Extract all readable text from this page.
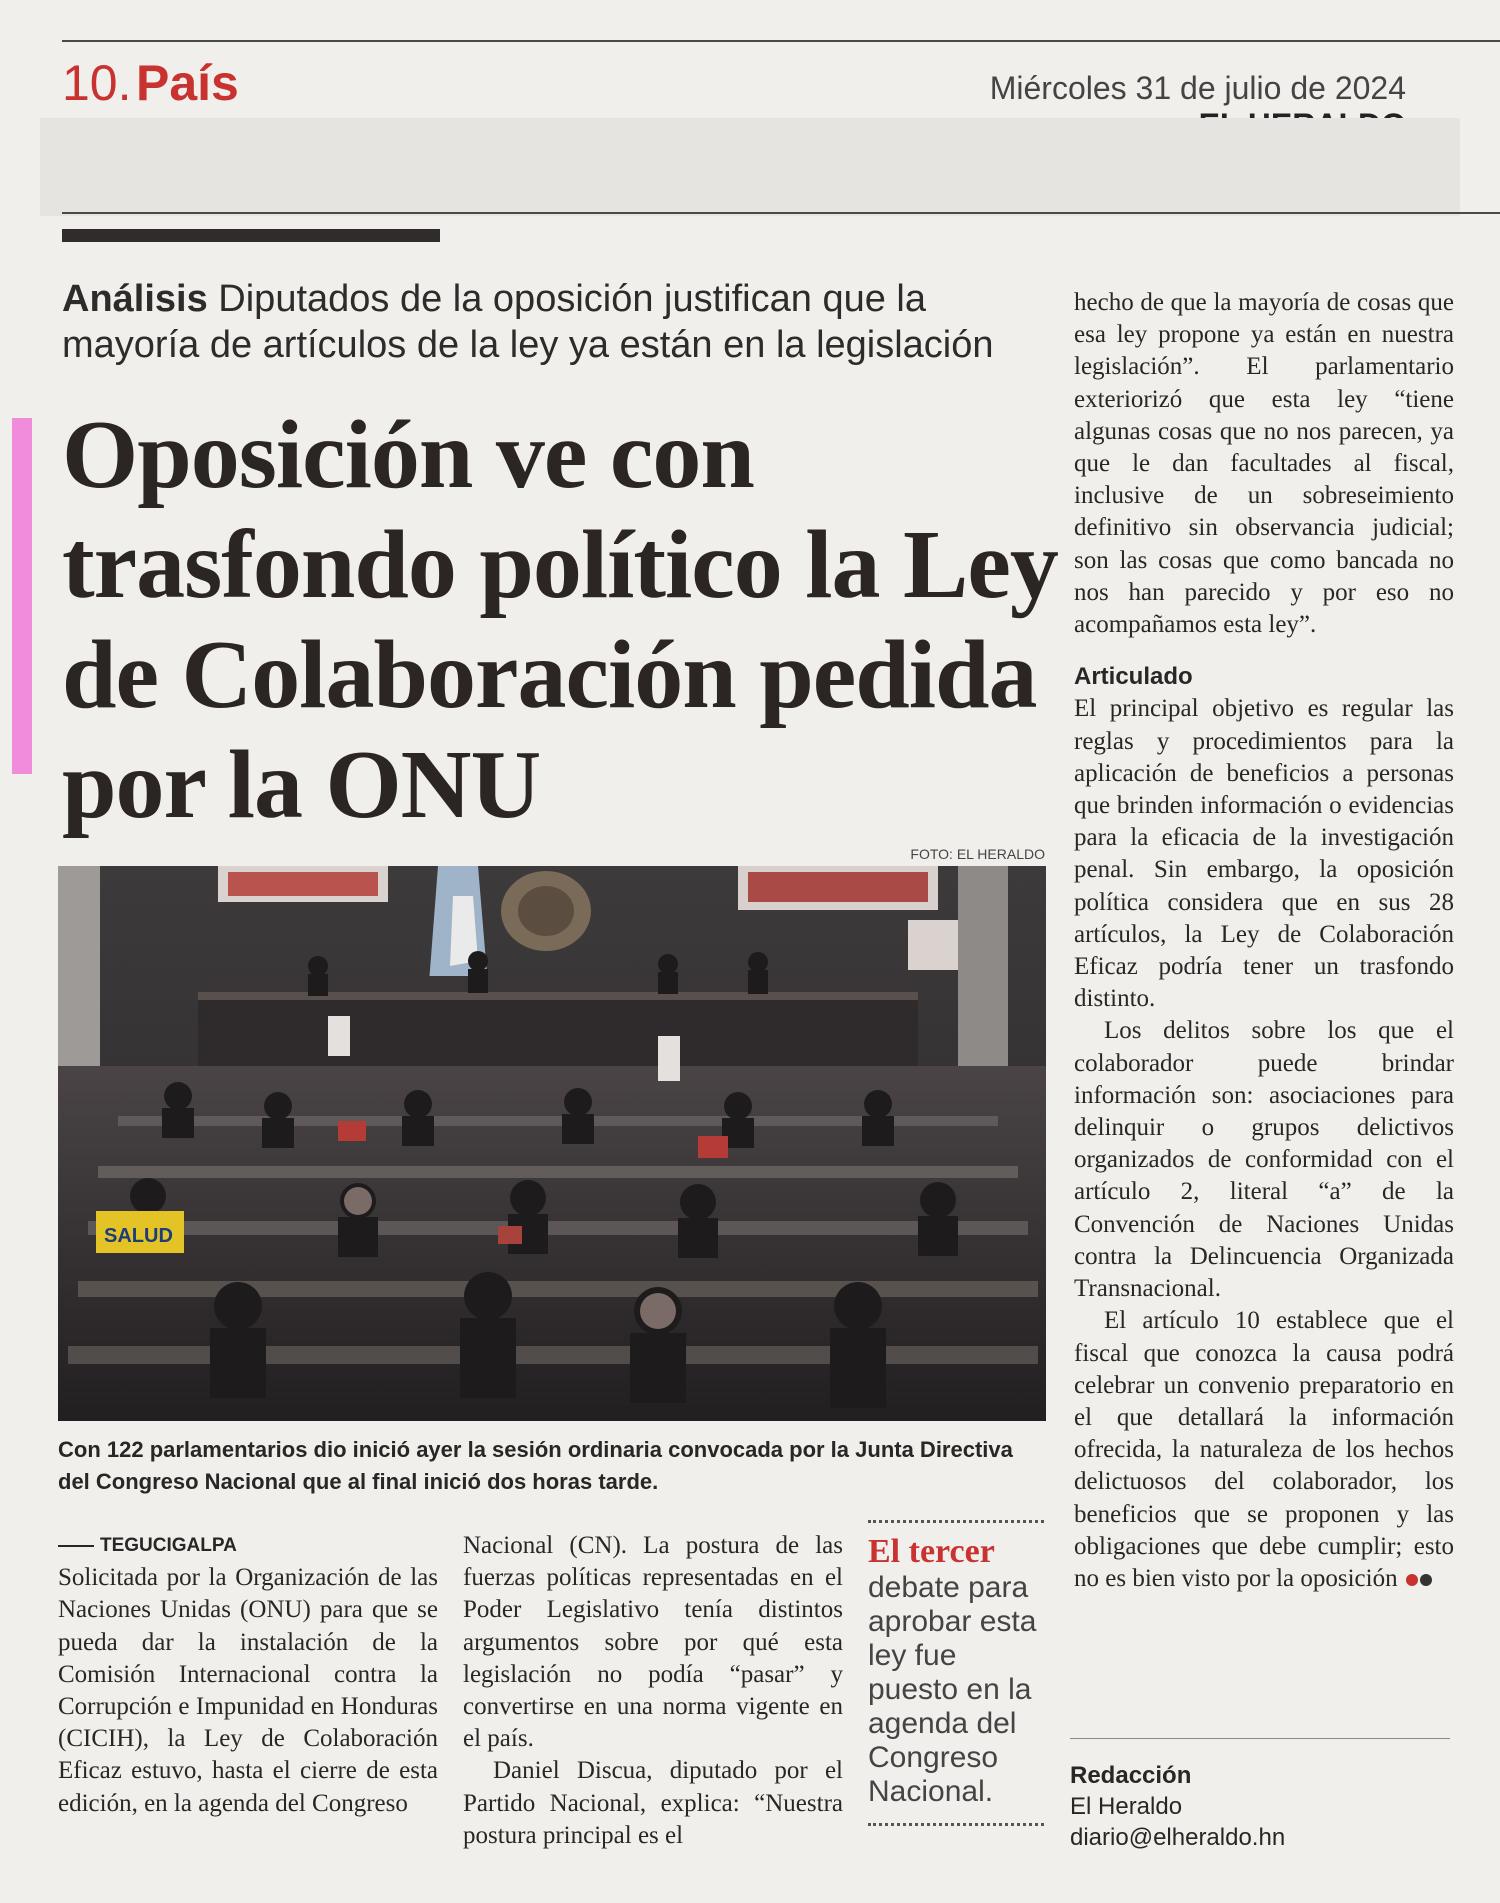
10. País	Miércoles 31 de julio de 2024
Análisis Diputados de la oposición justifican que la mayoría de artículos de la ley ya están en la legislación
Oposición ve con trasfondo político la Ley de Colaboración pedida por la ONU
FOTO: EL HERALDO
SALUD
Con 122 parlamentarios dio inició ayer la sesión ordinaria convocada por la Junta Directiva del Congreso Nacional que al final inició dos horas tarde.

TEGUCIGALPA

Solicitada por la Organización de las Naciones Unidas (ONU) para que se pueda dar la instalación de la Comisión Internacional contra la Corrupción e Impunidad en Honduras (CICIH), la Ley de Colaboración Eficaz estuvo, hasta el cierre de esta edición, en la agenda del Congreso

Nacional (CN). La postura de las fuerzas políticas representadas en el Poder Legislativo tenía distintos argumentos sobre por qué esta legislación no podía “pasar” y convertirse en una norma vigente en el país.

Daniel Discua, diputado por el Partido Nacional, explica: “Nuestra postura principal es el

El tercer
debate para aprobar esta ley fue puesto en la agenda del Congreso Nacional.

hecho de que la mayoría de cosas que esa ley propone ya están en nuestra legislación”. El parlamentario exteriorizó que esta ley “tiene algunas cosas que no nos parecen, ya que le dan facultades al fiscal, inclusive de un sobreseimiento definitivo sin observancia judicial; son las cosas que como bancada no nos han parecido y por eso no acompañamos esta ley”.

Articulado

El principal objetivo es regular las reglas y procedimientos para la aplicación de beneficios a personas que brinden información o evidencias para la eficacia de la investigación penal. Sin embargo, la oposición política considera que en sus 28 artículos, la Ley de Colaboración Eficaz podría tener un trasfondo distinto.

Los delitos sobre los que el colaborador puede brindar información son: asociaciones para delinquir o grupos delictivos organizados de conformidad con el artículo 2, literal “a” de la Convención de Naciones Unidas contra la Delincuencia Organizada Transnacional.

El artículo 10 establece que el fiscal que conozca la causa podrá celebrar un convenio preparatorio en el que detallará la información ofrecida, la naturaleza de los hechos delictuosos del colaborador, los beneficios que se proponen y las obligaciones que debe cumplir; esto no es bien visto por la oposición

Redacción
El Heraldo
diario@elheraldo.hn
